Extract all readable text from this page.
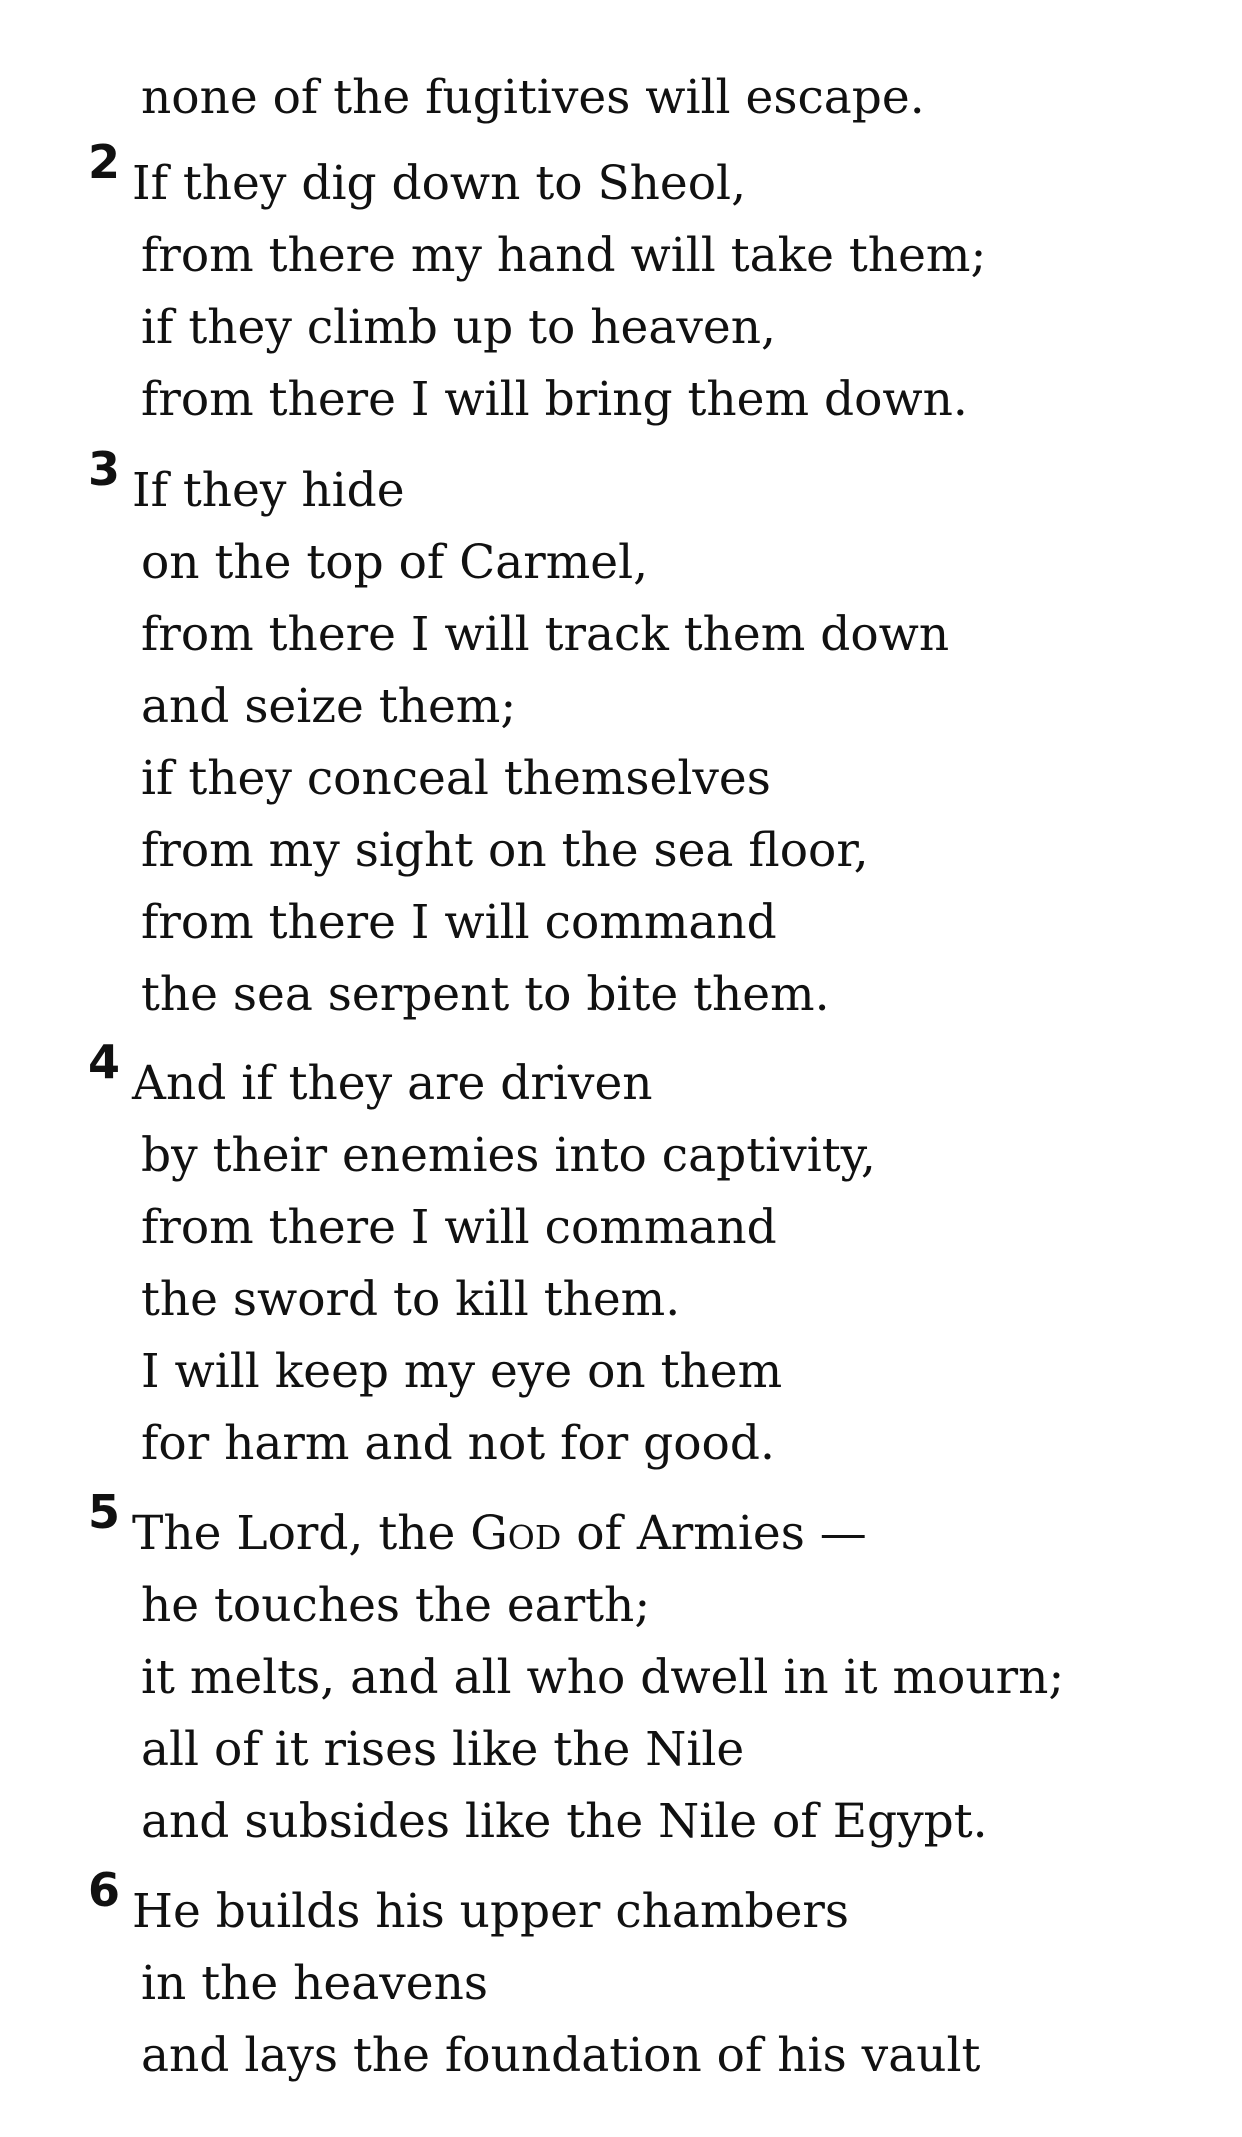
none of the fugitives will escape.
2 If they dig down to Sheol,
from there my hand will take them;
if they climb up to heaven,
from there I will bring them down.
3 If they hide
on the top of Carmel,
from there I will track them down
and seize them;
if they conceal themselves
from my sight on the sea floor,
from there I will command
the sea serpent to bite them.
4 And if they are driven
by their enemies into captivity,
from there I will command
the sword to kill them.
I will keep my eye on them
for harm and not for good.
5 The Lord, the God of Armies —
he touches the earth;
it melts, and all who dwell in it mourn;
all of it rises like the Nile
and subsides like the Nile of Egypt.
6 He builds his upper chambers
in the heavens
and lays the foundation of his vault
